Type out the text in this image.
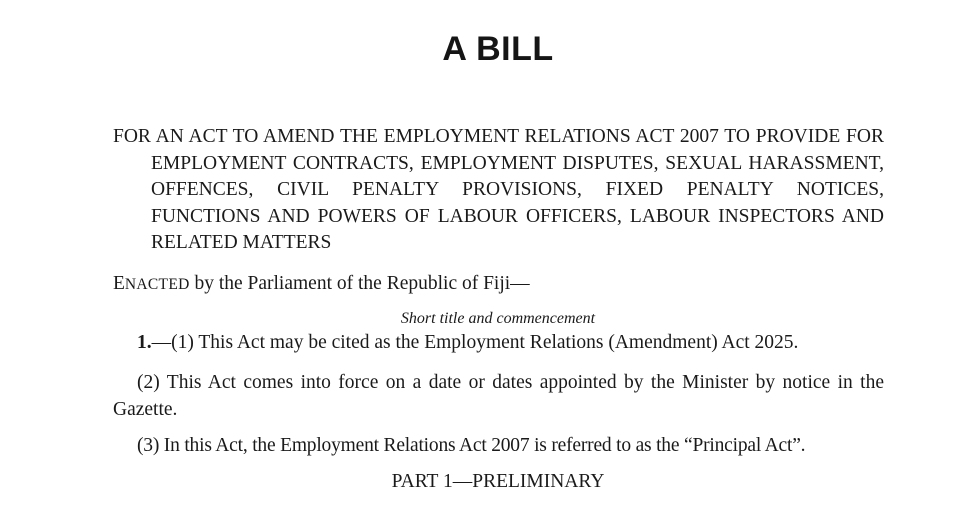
A BILL
FOR AN ACT TO AMEND THE EMPLOYMENT RELATIONS ACT 2007 TO PROVIDE FOR EMPLOYMENT CONTRACTS, EMPLOYMENT DISPUTES, SEXUAL HARASSMENT, OFFENCES, CIVIL PENALTY PROVISIONS, FIXED PENALTY NOTICES, FUNCTIONS AND POWERS OF LABOUR OFFICERS, LABOUR INSPECTORS AND RELATED MATTERS
ENACTED by the Parliament of the Republic of Fiji—
Short title and commencement
1.—(1) This Act may be cited as the Employment Relations (Amendment) Act 2025.
(2) This Act comes into force on a date or dates appointed by the Minister by notice in the Gazette.
(3) In this Act, the Employment Relations Act 2007 is referred to as the “Principal Act”.
PART 1—PRELIMINARY
